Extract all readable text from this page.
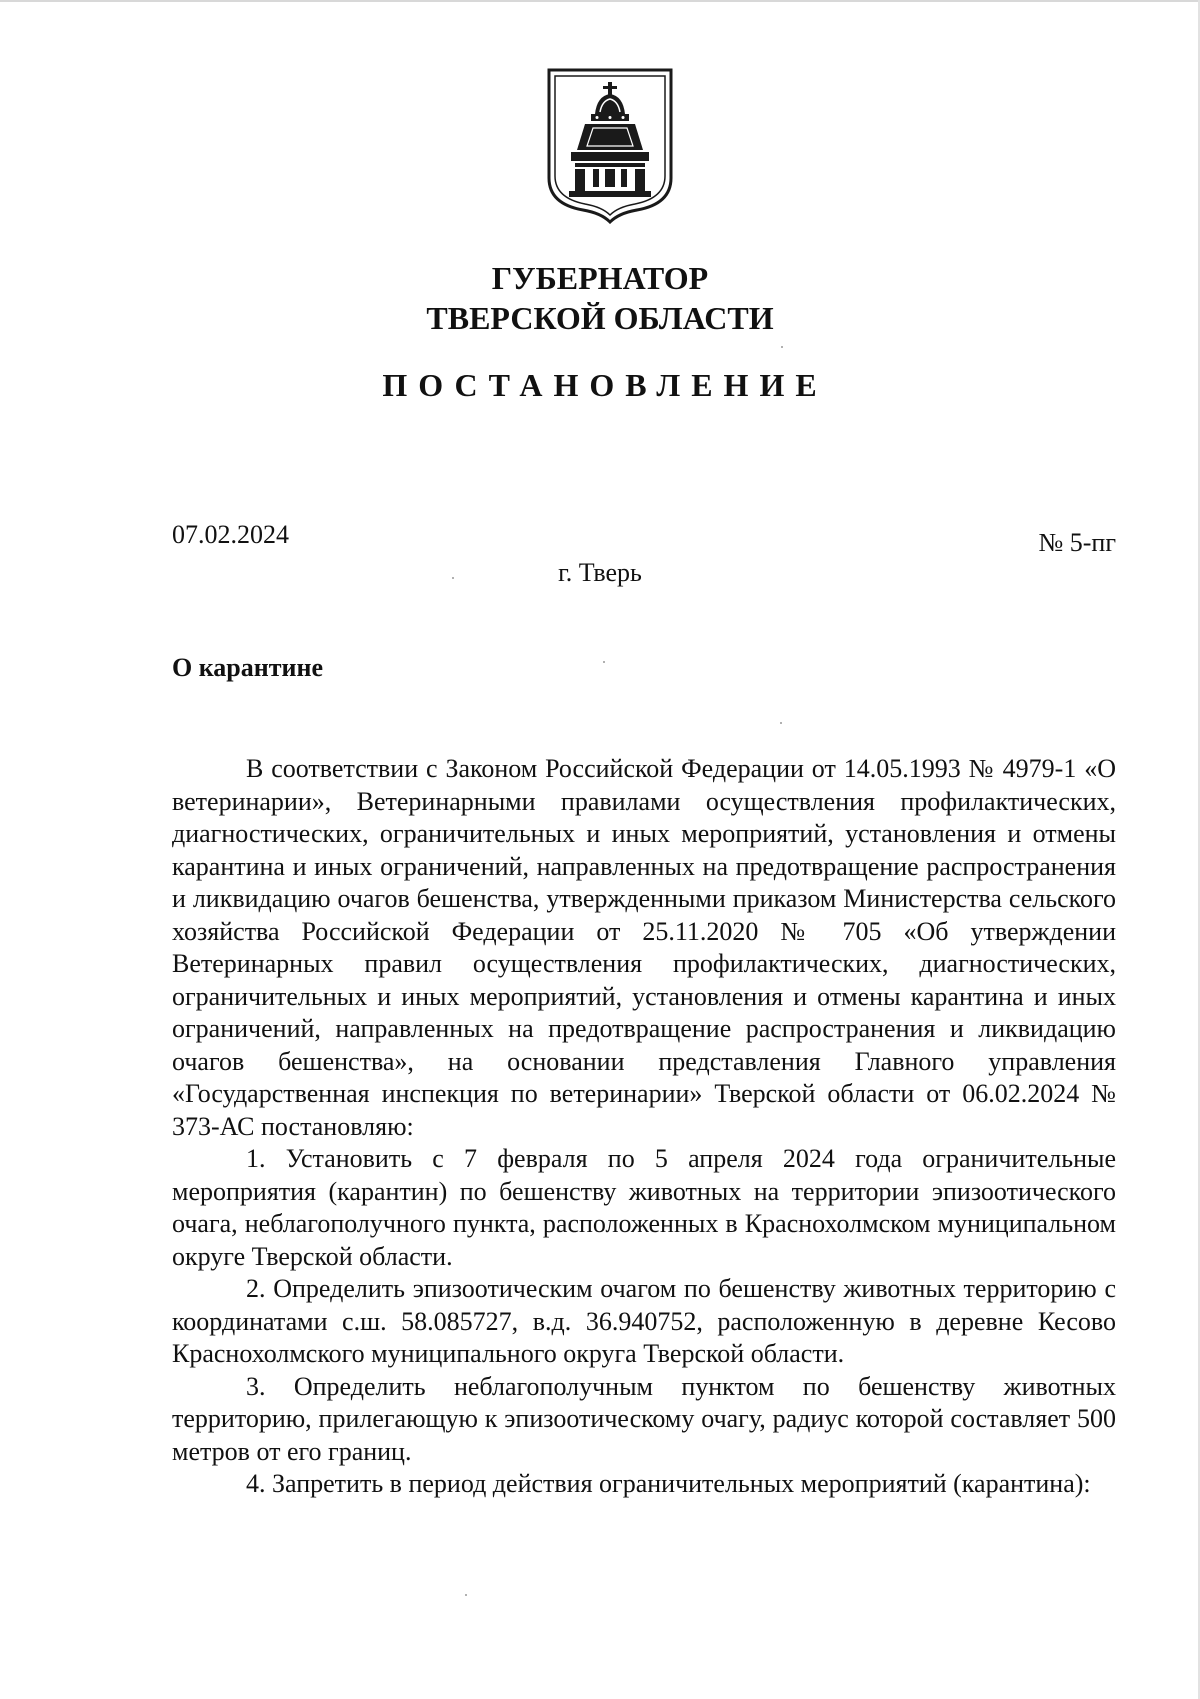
ГУБЕРНАТОР
ТВЕРСКОЙ ОБЛАСТИ
ПОСТАНОВЛЕНИЕ
07.02.2024	№ 5-пг
г. Тверь
О карантине

В соответствии с Законом Российской Федерации от 14.05.1993 № 4979-1 «О ветеринарии», Ветеринарными правилами осуществления профилактических, диагностических, ограничительных и иных мероприятий, установления и отмены карантина и иных ограничений, направленных на предотвращение распространения и ликвидацию очагов бешенства, утвержденными приказом Министерства сельского хозяйства Российской Федерации от 25.11.2020 № 705 «Об утверждении Ветеринарных правил осуществления профилактических, диагностических, ограничительных и иных мероприятий, установления и отмены карантина и иных ограничений, направленных на предотвращение распространения и ликвидацию очагов бешенства», на основании представления Главного управления «Государственная инспекция по ветеринарии» Тверской области от 06.02.2024 № 373-АС постановляю:

1. Установить с 7 февраля по 5 апреля 2024 года ограничительные мероприятия (карантин) по бешенству животных на территории эпизоотического очага, неблагополучного пункта, расположенных в Краснохолмском муниципальном округе Тверской области.

2. Определить эпизоотическим очагом по бешенству животных территорию с координатами с.ш. 58.085727, в.д. 36.940752, расположенную в деревне Кесово Краснохолмского муниципального округа Тверской области.

3. Определить неблагополучным пунктом по бешенству животных территорию, прилегающую к эпизоотическому очагу, радиус которой составляет 500 метров от его границ.

4. Запретить в период действия ограничительных мероприятий (карантина):
